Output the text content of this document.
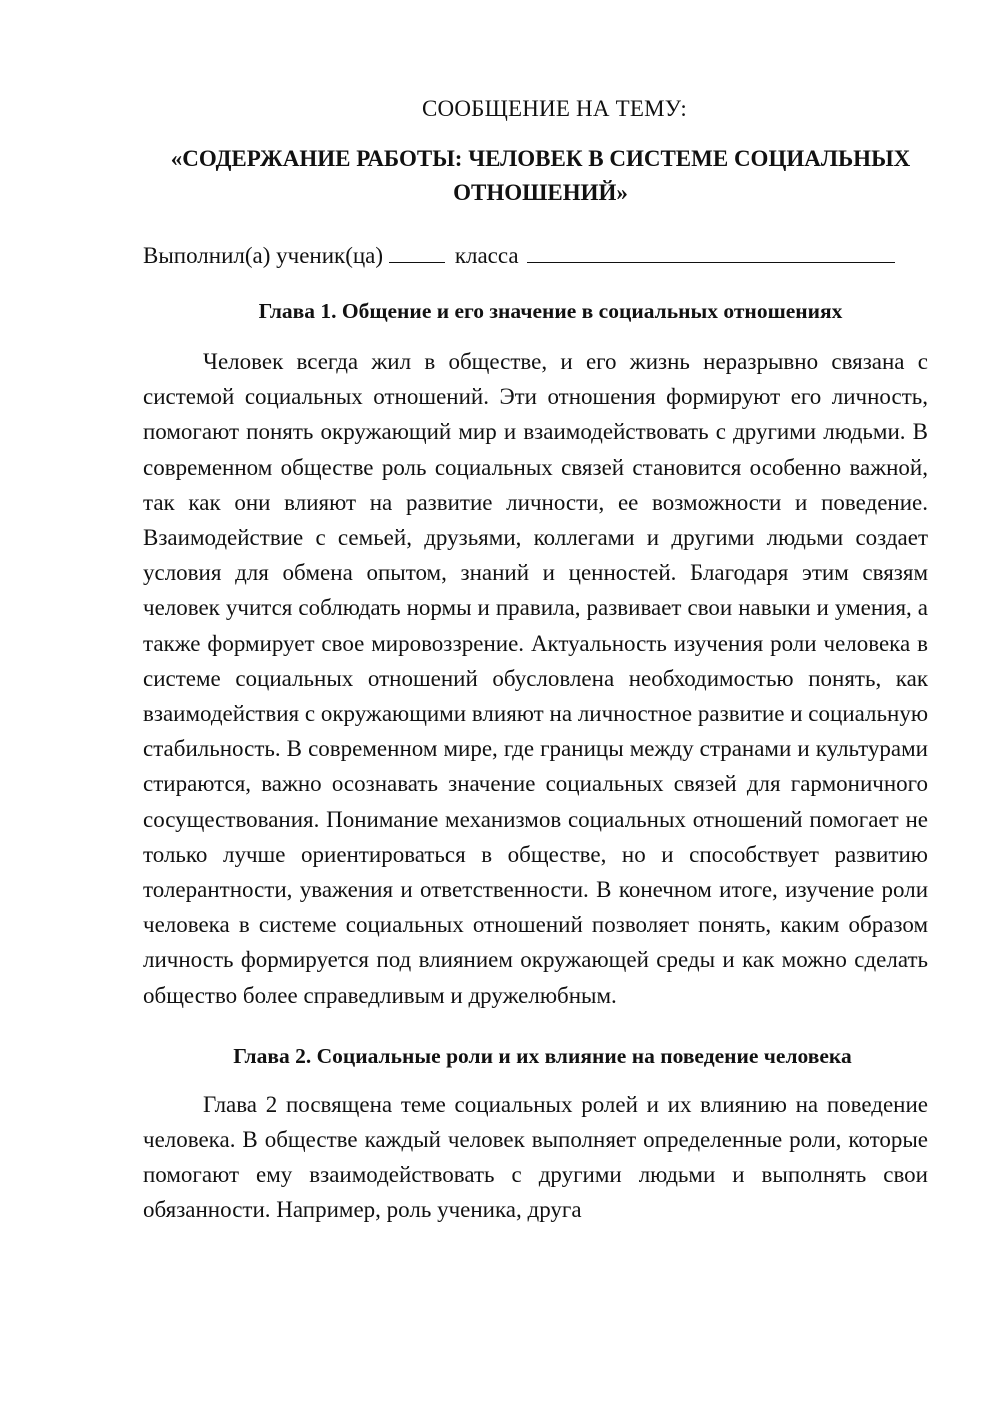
СООБЩЕНИЕ НА ТЕМУ:

«СОДЕРЖАНИЕ РАБОТЫ: ЧЕЛОВЕК В СИСТЕМЕ СОЦИАЛЬНЫХ ОТНОШЕНИЙ»

Выполнил(а) ученик(ца)	класса

Глава 1. Общение и его значение в социальных отношениях

Человек всегда жил в обществе, и его жизнь неразрывно связана с системой социальных отношений. Эти отношения формируют его личность, помогают понять окружающий мир и взаимодействовать с другими людьми. В современном обществе роль социальных связей становится особенно важной, так как они влияют на развитие личности, ее возможности и поведение. Взаимодействие с семьей, друзьями, коллегами и другими людьми создает условия для обмена опытом, знаний и ценностей. Благодаря этим связям человек учится соблюдать нормы и правила, развивает свои навыки и умения, а также формирует свое мировоззрение. Актуальность изучения роли человека в системе социальных отношений обусловлена необходимостью понять, как взаимодействия с окружающими влияют на личностное развитие и социальную стабильность. В современном мире, где границы между странами и культурами стираются, важно осознавать значение социальных связей для гармоничного сосуществования. Понимание механизмов социальных отношений помогает не только лучше ориентироваться в обществе, но и способствует развитию толерантности, уважения и ответственности. В конечном итоге, изучение роли человека в системе социальных отношений позволяет понять, каким образом личность формируется под влиянием окружающей среды и как можно сделать общество более справедливым и дружелюбным.

Глава 2. Социальные роли и их влияние на поведение человека

Глава 2 посвящена теме социальных ролей и их влиянию на поведение человека. В обществе каждый человек выполняет определенные роли, которые помогают ему взаимодействовать с другими людьми и выполнять свои обязанности. Например, роль ученика, друга
